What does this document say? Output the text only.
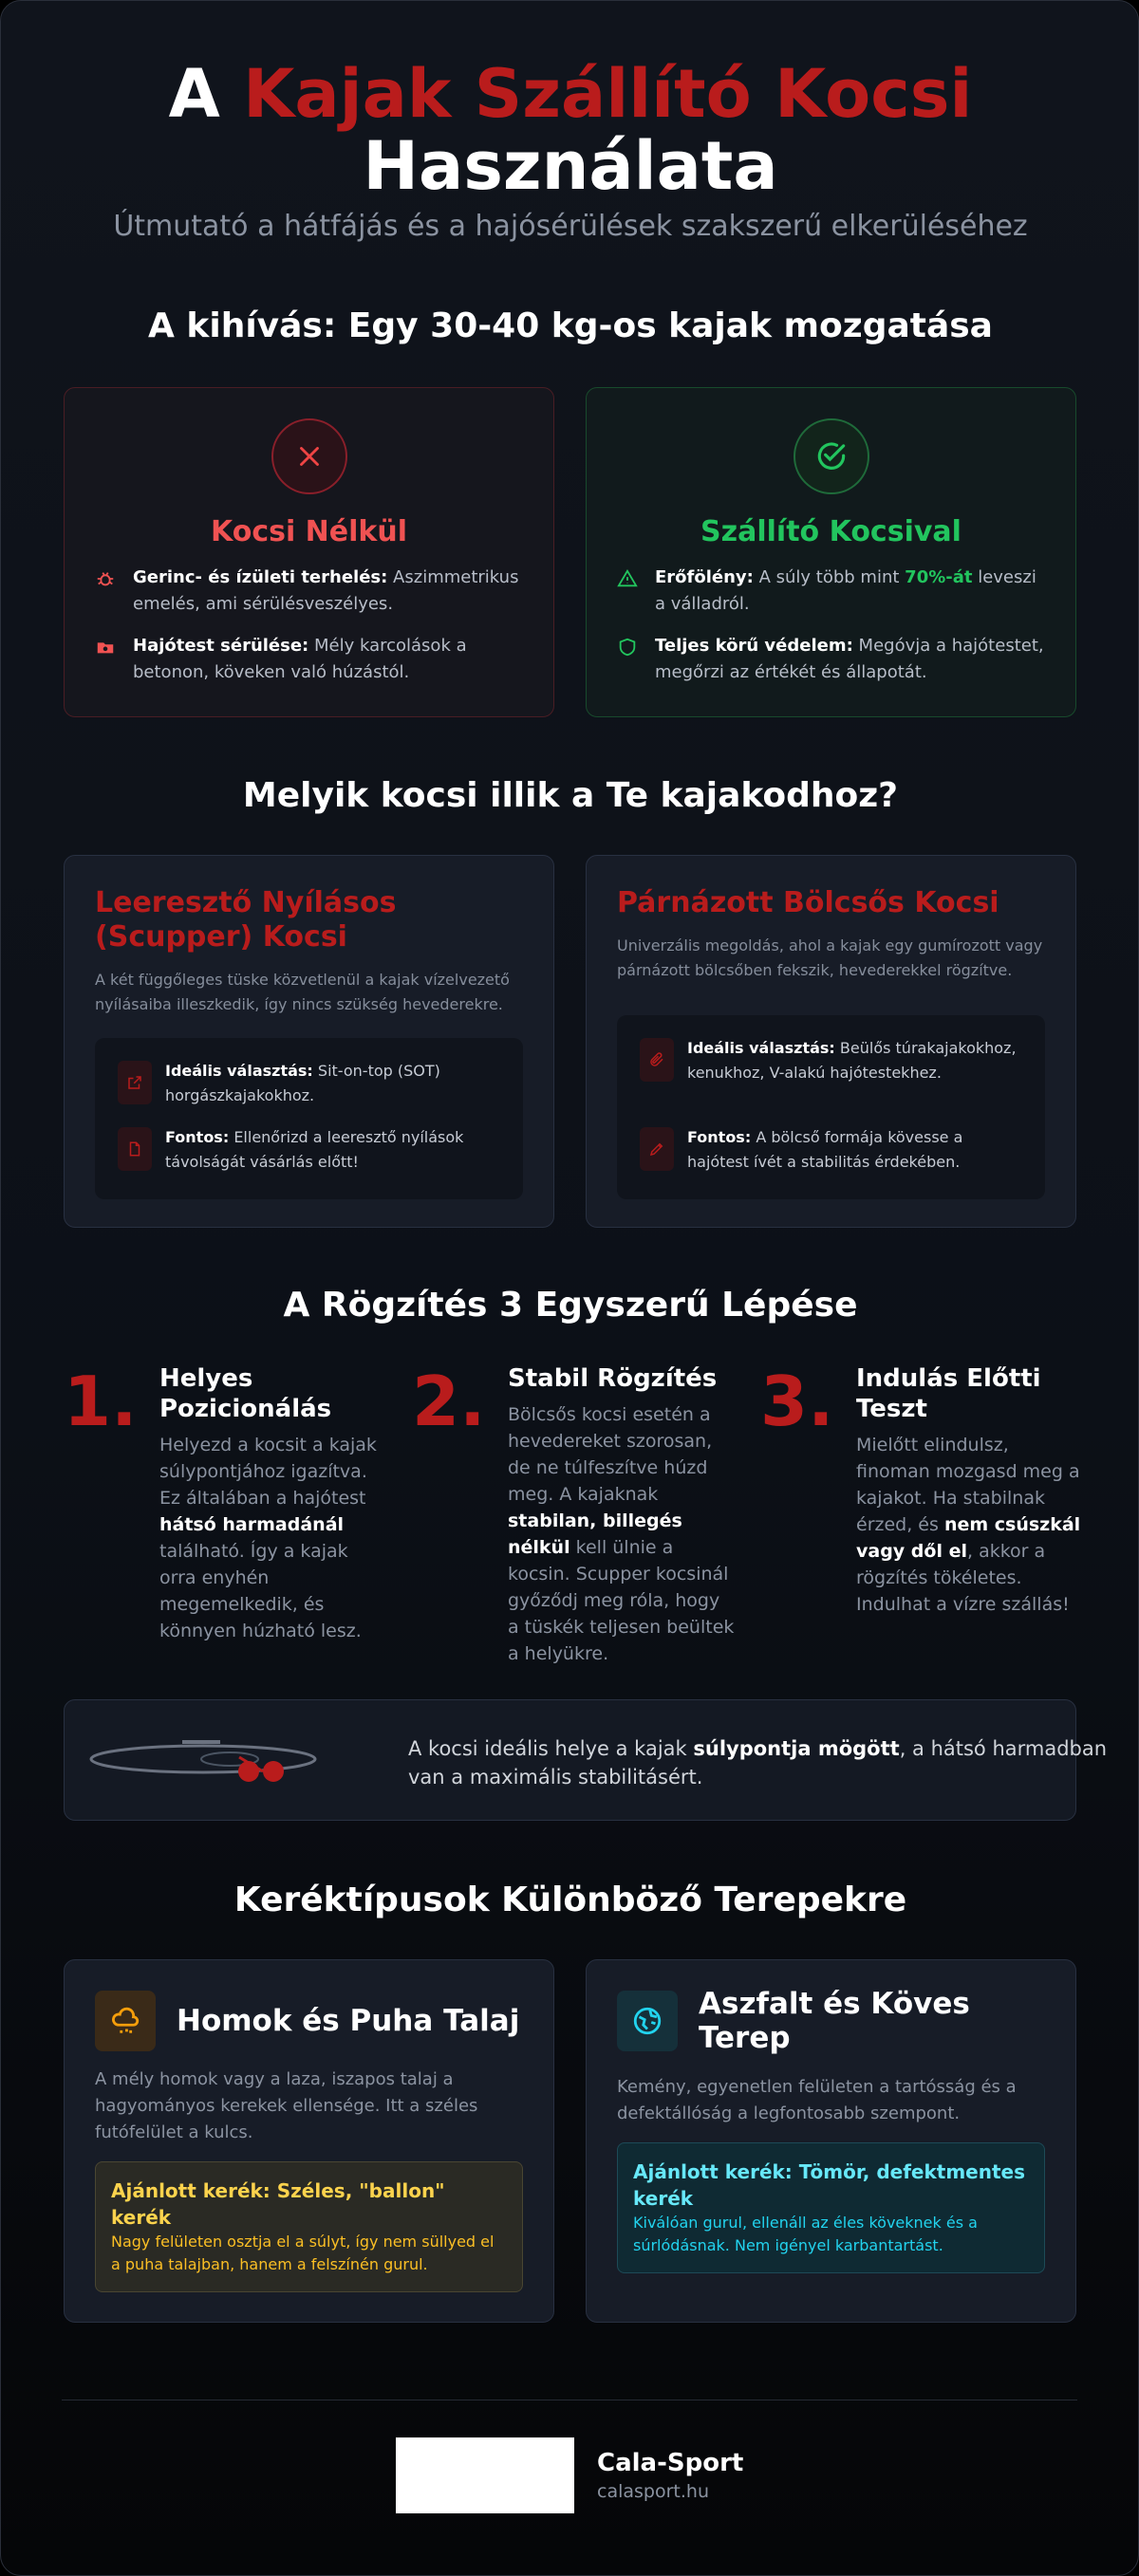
A Kajak Szállító Kocsi
Használata
Útmutató a hátfájás és a hajósérülések szakszerű elkerüléséhez
A kihívás: Egy 30-40 kg-os kajak mozgatása
Kocsi Nélkül
Gerinc- és ízületi terhelés: Aszimmetrikus emelés, ami sérülésveszélyes.
Hajótest sérülése: Mély karcolások a betonon, köveken való húzástól.
Szállító Kocsival
Erőfölény: A súly több mint 70%-át leveszi a válladról.
Teljes körű védelem: Megóvja a hajótestet, megőrzi az értékét és állapotát.
Melyik kocsi illik a Te kajakodhoz?
Leeresztő Nyílásos (Scupper) Kocsi
A két függőleges tüske közvetlenül a kajak vízelvezető nyílásaiba illeszkedik, így nincs szükség hevederekre.
Ideális választás: Sit-on-top (SOT) horgászkajakokhoz.
Fontos: Ellenőrizd a leeresztő nyílások távolságát vásárlás előtt!
Párnázott Bölcsős Kocsi
Univerzális megoldás, ahol a kajak egy gumírozott vagy párnázott bölcsőben fekszik, hevederekkel rögzítve.
Ideális választás: Beülős túrakajakokhoz, kenukhoz, V-alakú hajótestekhez.
Fontos: A bölcső formája kövesse a hajótest ívét a stabilitás érdekében.
A Rögzítés 3 Egyszerű Lépése
1. Helyes Pozicionálás
Helyezd a kocsit a kajak súlypontjához igazítva. Ez általában a hajótest hátsó harmadánál található. Így a kajak orra enyhén megemelkedik, és könnyen húzható lesz.
2. Stabil Rögzítés
Bölcsős kocsi esetén a hevedereket szorosan, de ne túlfeszítve húzd meg. A kajaknak stabilan, billegés nélkül kell ülnie a kocsin. Scupper kocsinál győződj meg róla, hogy a tüskék teljesen beültek a helyükre.
3. Indulás Előtti Teszt
Mielőtt elindulsz, finoman mozgasd meg a kajakot. Ha stabilnak érzed, és nem csúszkál vagy dől el, akkor a rögzítés tökéletes. Indulhat a vízre szállás!
A kocsi ideális helye a kajak súlypontja mögött, a hátsó harmadban van a maximális stabilitásért.
Keréktípusok Különböző Terepekre
Homok és Puha Talaj
A mély homok vagy a laza, iszapos talaj a hagyományos kerekek ellensége. Itt a széles futófelület a kulcs.
Ajánlott kerék: Széles, "ballon" kerék
Nagy felületen osztja el a súlyt, így nem süllyed el a puha talajban, hanem a felszínén gurul.
Aszfalt és Köves Terep
Kemény, egyenetlen felületen a tartósság és a defektállóság a legfontosabb szempont.
Ajánlott kerék: Tömör, defektmentes kerék
Kiválóan gurul, ellenáll az éles köveknek és a súrlódásnak. Nem igényel karbantartást.
Cala-Sport
calasport.hu
